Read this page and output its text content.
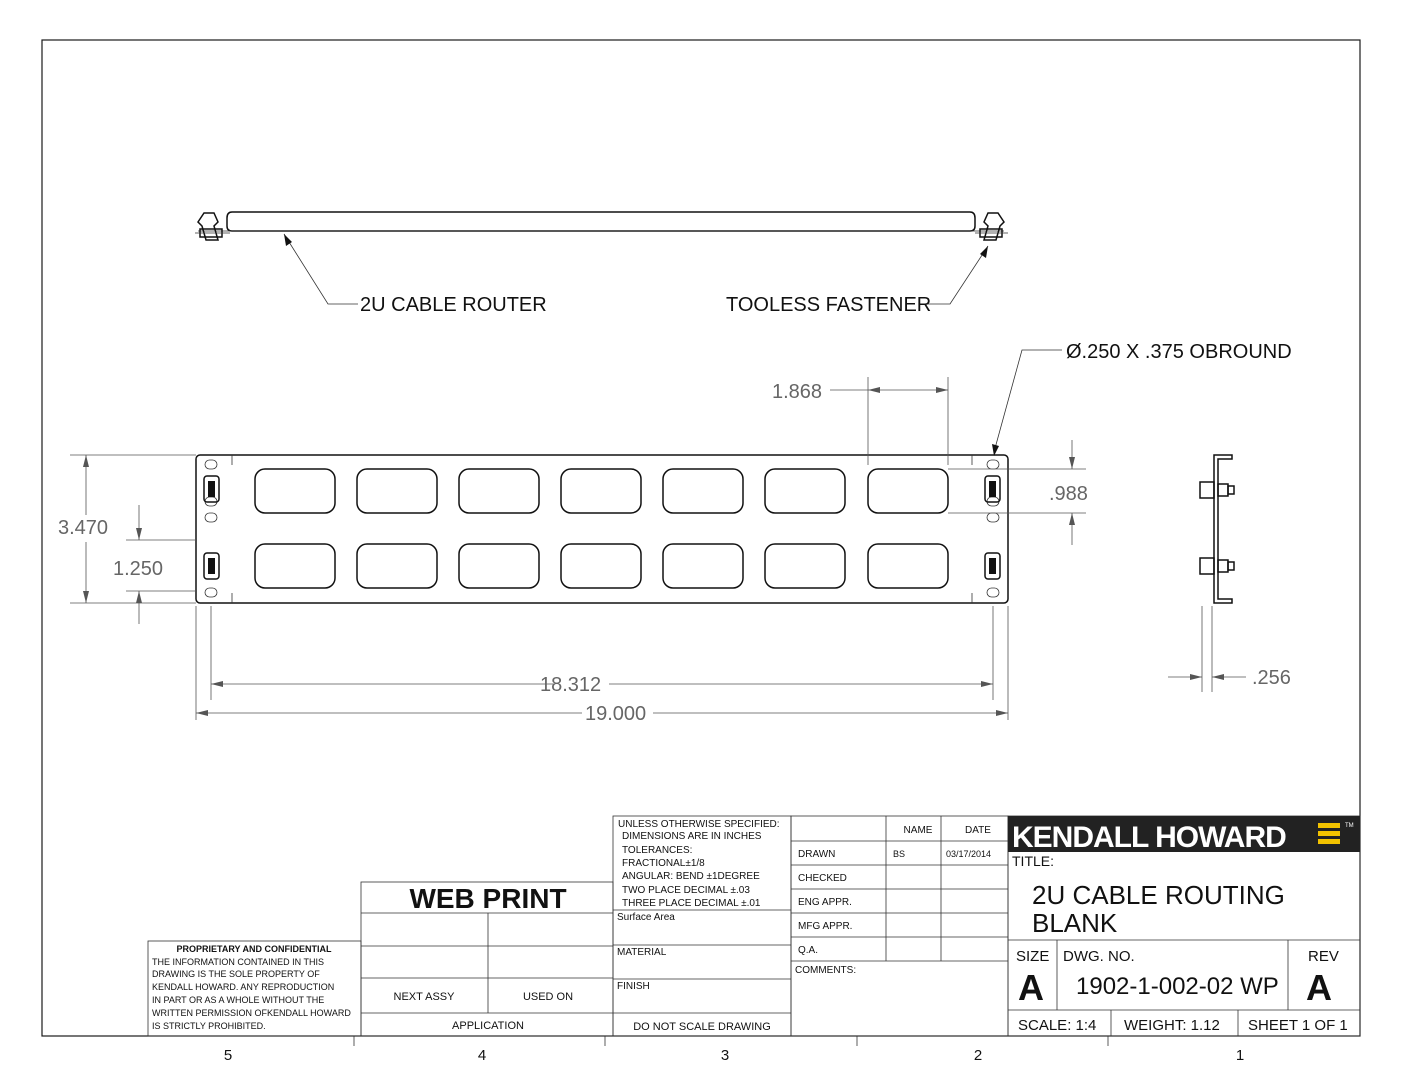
2U CABLE ROUTER	TOOLESS FASTENER
Ø.250 X .375 OBROUND
1.868
.988
3.470
1.250
18.312
19.000
.256
PROPRIETARY AND CONFIDENTIAL
THE INFORMATION CONTAINED IN THIS
DRAWING IS THE SOLE PROPERTY OF
KENDALL HOWARD. ANY REPRODUCTION
IN PART OR AS A WHOLE WITHOUT THE
WRITTEN PERMISSION OFKENDALL HOWARD
IS STRICTLY PROHIBITED.
WEB PRINT
NEXT ASSY	USED ON
APPLICATION
UNLESS OTHERWISE SPECIFIED:
DIMENSIONS ARE IN INCHES
TOLERANCES:
FRACTIONAL±1/8
ANGULAR: BEND ±1DEGREE
TWO PLACE DECIMAL ±.03
THREE PLACE DECIMAL ±.01
Surface Area
MATERIAL
FINISH
DO NOT SCALE DRAWING
NAME	DATE
DRAWN	BS	03/17/2014
CHECKED
ENG APPR.
MFG APPR.
Q.A.
COMMENTS:
KENDALL HOWARD	TM
TITLE:
2U CABLE ROUTING
BLANK
SIZE
A
DWG. NO.
1902-1-002-02 WP
REV
A
SCALE: 1:4 WEIGHT: 1.12 SHEET 1 OF 1
5	4	3	2	1
